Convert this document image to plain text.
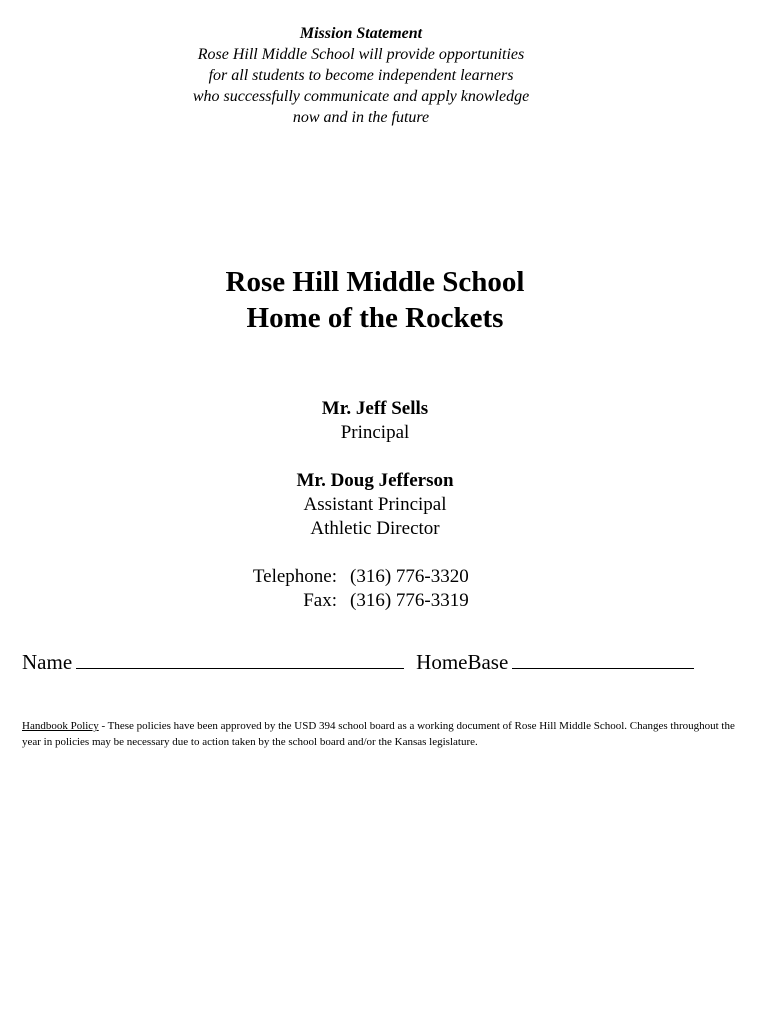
Mission Statement
Rose Hill Middle School will provide opportunities
for all students to become independent learners
who successfully communicate and apply knowledge
now and in the future
Rose Hill Middle School
Home of the Rockets
Mr. Jeff Sells
Principal
Mr. Doug Jefferson
Assistant Principal
Athletic Director
Telephone: (316) 776-3320
Fax: (316) 776-3319
Name	HomeBase
Handbook Policy - These policies have been approved by the USD 394 school board as a working document of Rose Hill Middle School. Changes throughout the year in policies may be necessary due to action taken by the school board and/or the Kansas legislature.
